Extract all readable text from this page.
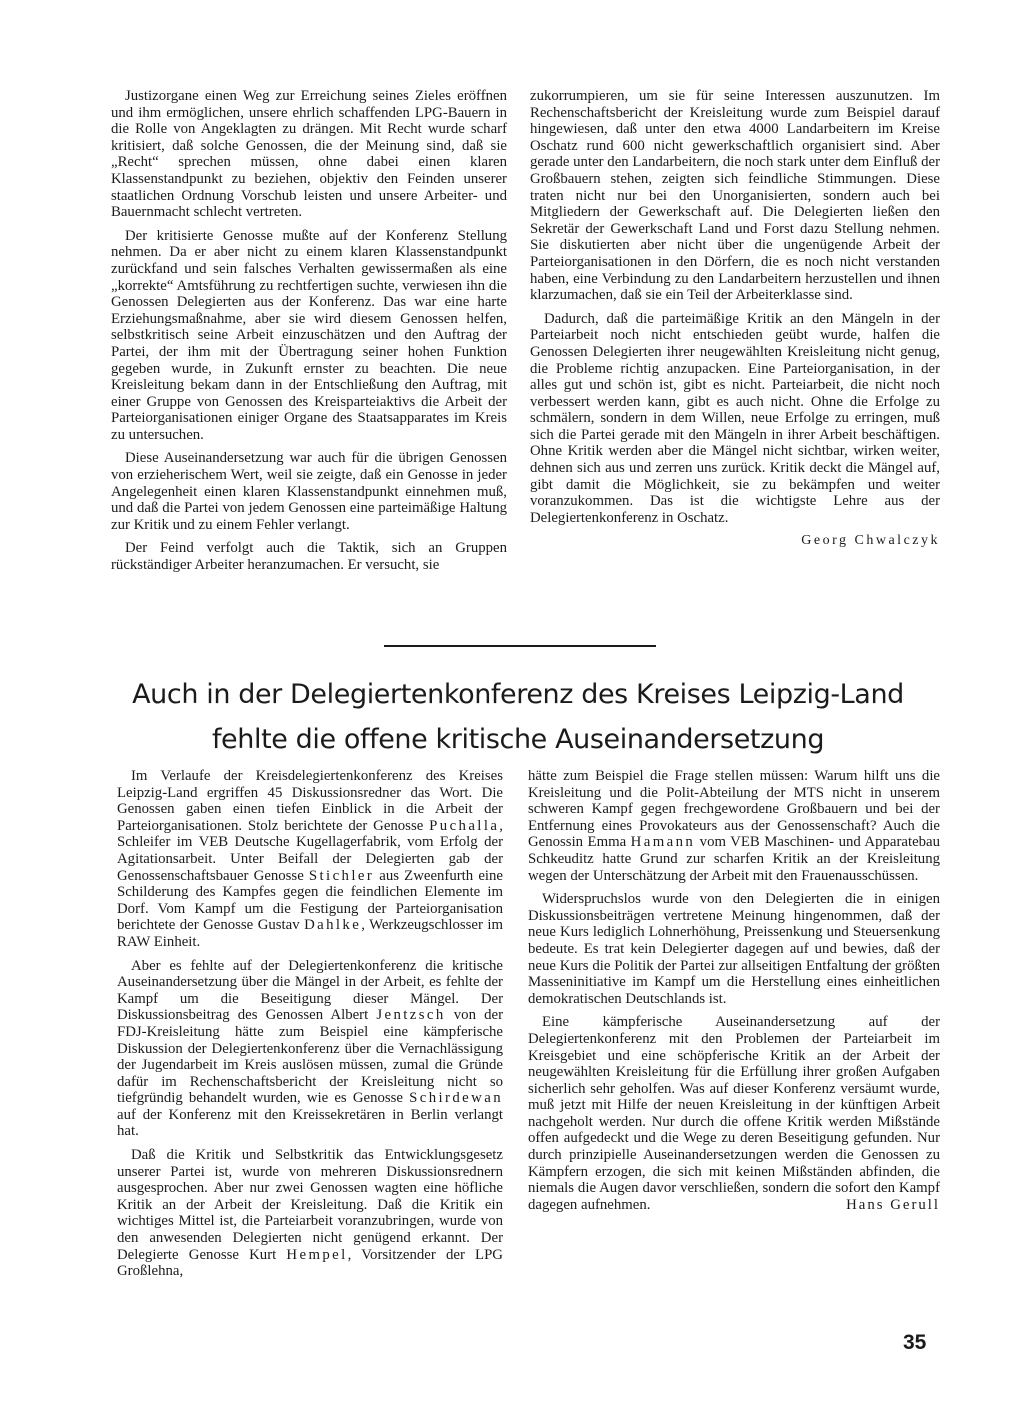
Justizorgane einen Weg zur Erreichung seines Zieles eröffnen und ihm ermöglichen, unsere ehrlich schaffenden LPG-Bauern in die Rolle von Angeklagten zu drängen. Mit Recht wurde scharf kritisiert, daß solche Genossen, die der Meinung sind, daß sie „Recht“ sprechen müssen, ohne dabei einen klaren Klassenstandpunkt zu beziehen, objektiv den Feinden unserer staatlichen Ordnung Vorschub leisten und unsere Arbeiter- und Bauernmacht schlecht vertreten.

Der kritisierte Genosse mußte auf der Konferenz Stellung nehmen. Da er aber nicht zu einem klaren Klassenstandpunkt zurückfand und sein falsches Verhalten gewissermaßen als eine „korrekte“ Amtsführung zu rechtfertigen suchte, verwiesen ihn die Genossen Delegierten aus der Konferenz. Das war eine harte Erziehungsmaßnahme, aber sie wird diesem Genossen helfen, selbstkritisch seine Arbeit einzuschätzen und den Auftrag der Partei, der ihm mit der Übertragung seiner hohen Funktion gegeben wurde, in Zukunft ernster zu beachten. Die neue Kreisleitung bekam dann in der Entschließung den Auftrag, mit einer Gruppe von Genossen des Kreisparteiaktivs die Arbeit der Parteiorganisationen einiger Organe des Staatsapparates im Kreis zu untersuchen.

Diese Auseinandersetzung war auch für die übrigen Genossen von erzieherischem Wert, weil sie zeigte, daß ein Genosse in jeder Angelegenheit einen klaren Klassenstandpunkt einnehmen muß, und daß die Partei von jedem Genossen eine parteimäßige Haltung zur Kritik und zu einem Fehler verlangt.

Der Feind verfolgt auch die Taktik, sich an Gruppen rückständiger Arbeiter heranzumachen. Er versucht, sie

zukorrumpieren, um sie für seine Interessen auszunutzen. Im Rechenschaftsbericht der Kreisleitung wurde zum Beispiel darauf hingewiesen, daß unter den etwa 4000 Landarbeitern im Kreise Oschatz rund 600 nicht gewerkschaftlich organisiert sind. Aber gerade unter den Landarbeitern, die noch stark unter dem Einfluß der Großbauern stehen, zeigten sich feindliche Stimmungen. Diese traten nicht nur bei den Unorganisierten, sondern auch bei Mitgliedern der Gewerkschaft auf. Die Delegierten ließen den Sekretär der Gewerkschaft Land und Forst dazu Stellung nehmen. Sie diskutierten aber nicht über die ungenügende Arbeit der Parteiorganisationen in den Dörfern, die es noch nicht verstanden haben, eine Verbindung zu den Landarbeitern herzustellen und ihnen klarzumachen, daß sie ein Teil der Arbeiterklasse sind.

Dadurch, daß die parteimäßige Kritik an den Mängeln in der Parteiarbeit noch nicht entschieden geübt wurde, halfen die Genossen Delegierten ihrer neugewählten Kreisleitung nicht genug, die Probleme richtig anzupacken. Eine Parteiorganisation, in der alles gut und schön ist, gibt es nicht. Parteiarbeit, die nicht noch verbessert werden kann, gibt es auch nicht. Ohne die Erfolge zu schmälern, sondern in dem Willen, neue Erfolge zu erringen, muß sich die Partei gerade mit den Mängeln in ihrer Arbeit beschäftigen. Ohne Kritik werden aber die Mängel nicht sichtbar, wirken weiter, dehnen sich aus und zerren uns zurück. Kritik deckt die Mängel auf, gibt damit die Möglichkeit, sie zu bekämpfen und weiter voranzukommen. Das ist die wichtigste Lehre aus der Delegiertenkonferenz in Oschatz.

Georg Chwalczyk
Auch in der Delegiertenkonferenz des Kreises Leipzig-Land
fehlte die offene kritische Auseinandersetzung

Im Verlaufe der Kreisdelegiertenkonferenz des Kreises Leipzig-Land ergriffen 45 Diskussionsredner das Wort. Die Genossen gaben einen tiefen Einblick in die Arbeit der Parteiorganisationen. Stolz berichtete der Genosse Puchalla, Schleifer im VEB Deutsche Kugellagerfabrik, vom Erfolg der Agitationsarbeit. Unter Beifall der Delegierten gab der Genossenschaftsbauer Genosse Stichler aus Zweenfurth eine Schilderung des Kampfes gegen die feindlichen Elemente im Dorf. Vom Kampf um die Festigung der Parteiorganisation berichtete der Genosse Gustav Dahlke, Werkzeugschlosser im RAW Einheit.

Aber es fehlte auf der Delegiertenkonferenz die kritische Auseinandersetzung über die Mängel in der Arbeit, es fehlte der Kampf um die Beseitigung dieser Mängel. Der Diskussionsbeitrag des Genossen Albert Jentzsch von der FDJ-Kreisleitung hätte zum Beispiel eine kämpferische Diskussion der Delegiertenkonferenz über die Vernachlässigung der Jugendarbeit im Kreis auslösen müssen, zumal die Gründe dafür im Rechenschaftsbericht der Kreisleitung nicht so tiefgründig behandelt wurden, wie es Genosse Schirdewan auf der Konferenz mit den Kreissekretären in Berlin verlangt hat.

Daß die Kritik und Selbstkritik das Entwicklungsgesetz unserer Partei ist, wurde von mehreren Diskussionsrednern ausgesprochen. Aber nur zwei Genossen wagten eine höfliche Kritik an der Arbeit der Kreisleitung. Daß die Kritik ein wichtiges Mittel ist, die Parteiarbeit voranzubringen, wurde von den anwesenden Delegierten nicht genügend erkannt. Der Delegierte Genosse Kurt Hempel, Vorsitzender der LPG Großlehna,

hätte zum Beispiel die Frage stellen müssen: Warum hilft uns die Kreisleitung und die Polit-Abteilung der MTS nicht in unserem schweren Kampf gegen frechgewordene Großbauern und bei der Entfernung eines Provokateurs aus der Genossenschaft? Auch die Genossin Emma Hamann vom VEB Maschinen- und Apparatebau Schkeuditz hatte Grund zur scharfen Kritik an der Kreisleitung wegen der Unterschätzung der Arbeit mit den Frauenausschüssen.

Widerspruchslos wurde von den Delegierten die in einigen Diskussionsbeiträgen vertretene Meinung hingenommen, daß der neue Kurs lediglich Lohnerhöhung, Preissenkung und Steuersenkung bedeute. Es trat kein Delegierter dagegen auf und bewies, daß der neue Kurs die Politik der Partei zur allseitigen Entfaltung der größten Masseninitiative im Kampf um die Herstellung eines einheitlichen demokratischen Deutschlands ist.

Eine kämpferische Auseinandersetzung auf der Delegiertenkonferenz mit den Problemen der Parteiarbeit im Kreisgebiet und eine schöpferische Kritik an der Arbeit der neugewählten Kreisleitung für die Erfüllung ihrer großen Aufgaben sicherlich sehr geholfen. Was auf dieser Konferenz versäumt wurde, muß jetzt mit Hilfe der neuen Kreisleitung in der künftigen Arbeit nachgeholt werden. Nur durch die offene Kritik werden Mißstände offen aufgedeckt und die Wege zu deren Beseitigung gefunden. Nur durch prinzipielle Auseinandersetzungen werden die Genossen zu Kämpfern erzogen, die sich mit keinen Mißständen abfinden, die niemals die Augen davor verschließen, sondern die sofort den Kampf dagegen aufnehmen.	Hans Gerull

35
